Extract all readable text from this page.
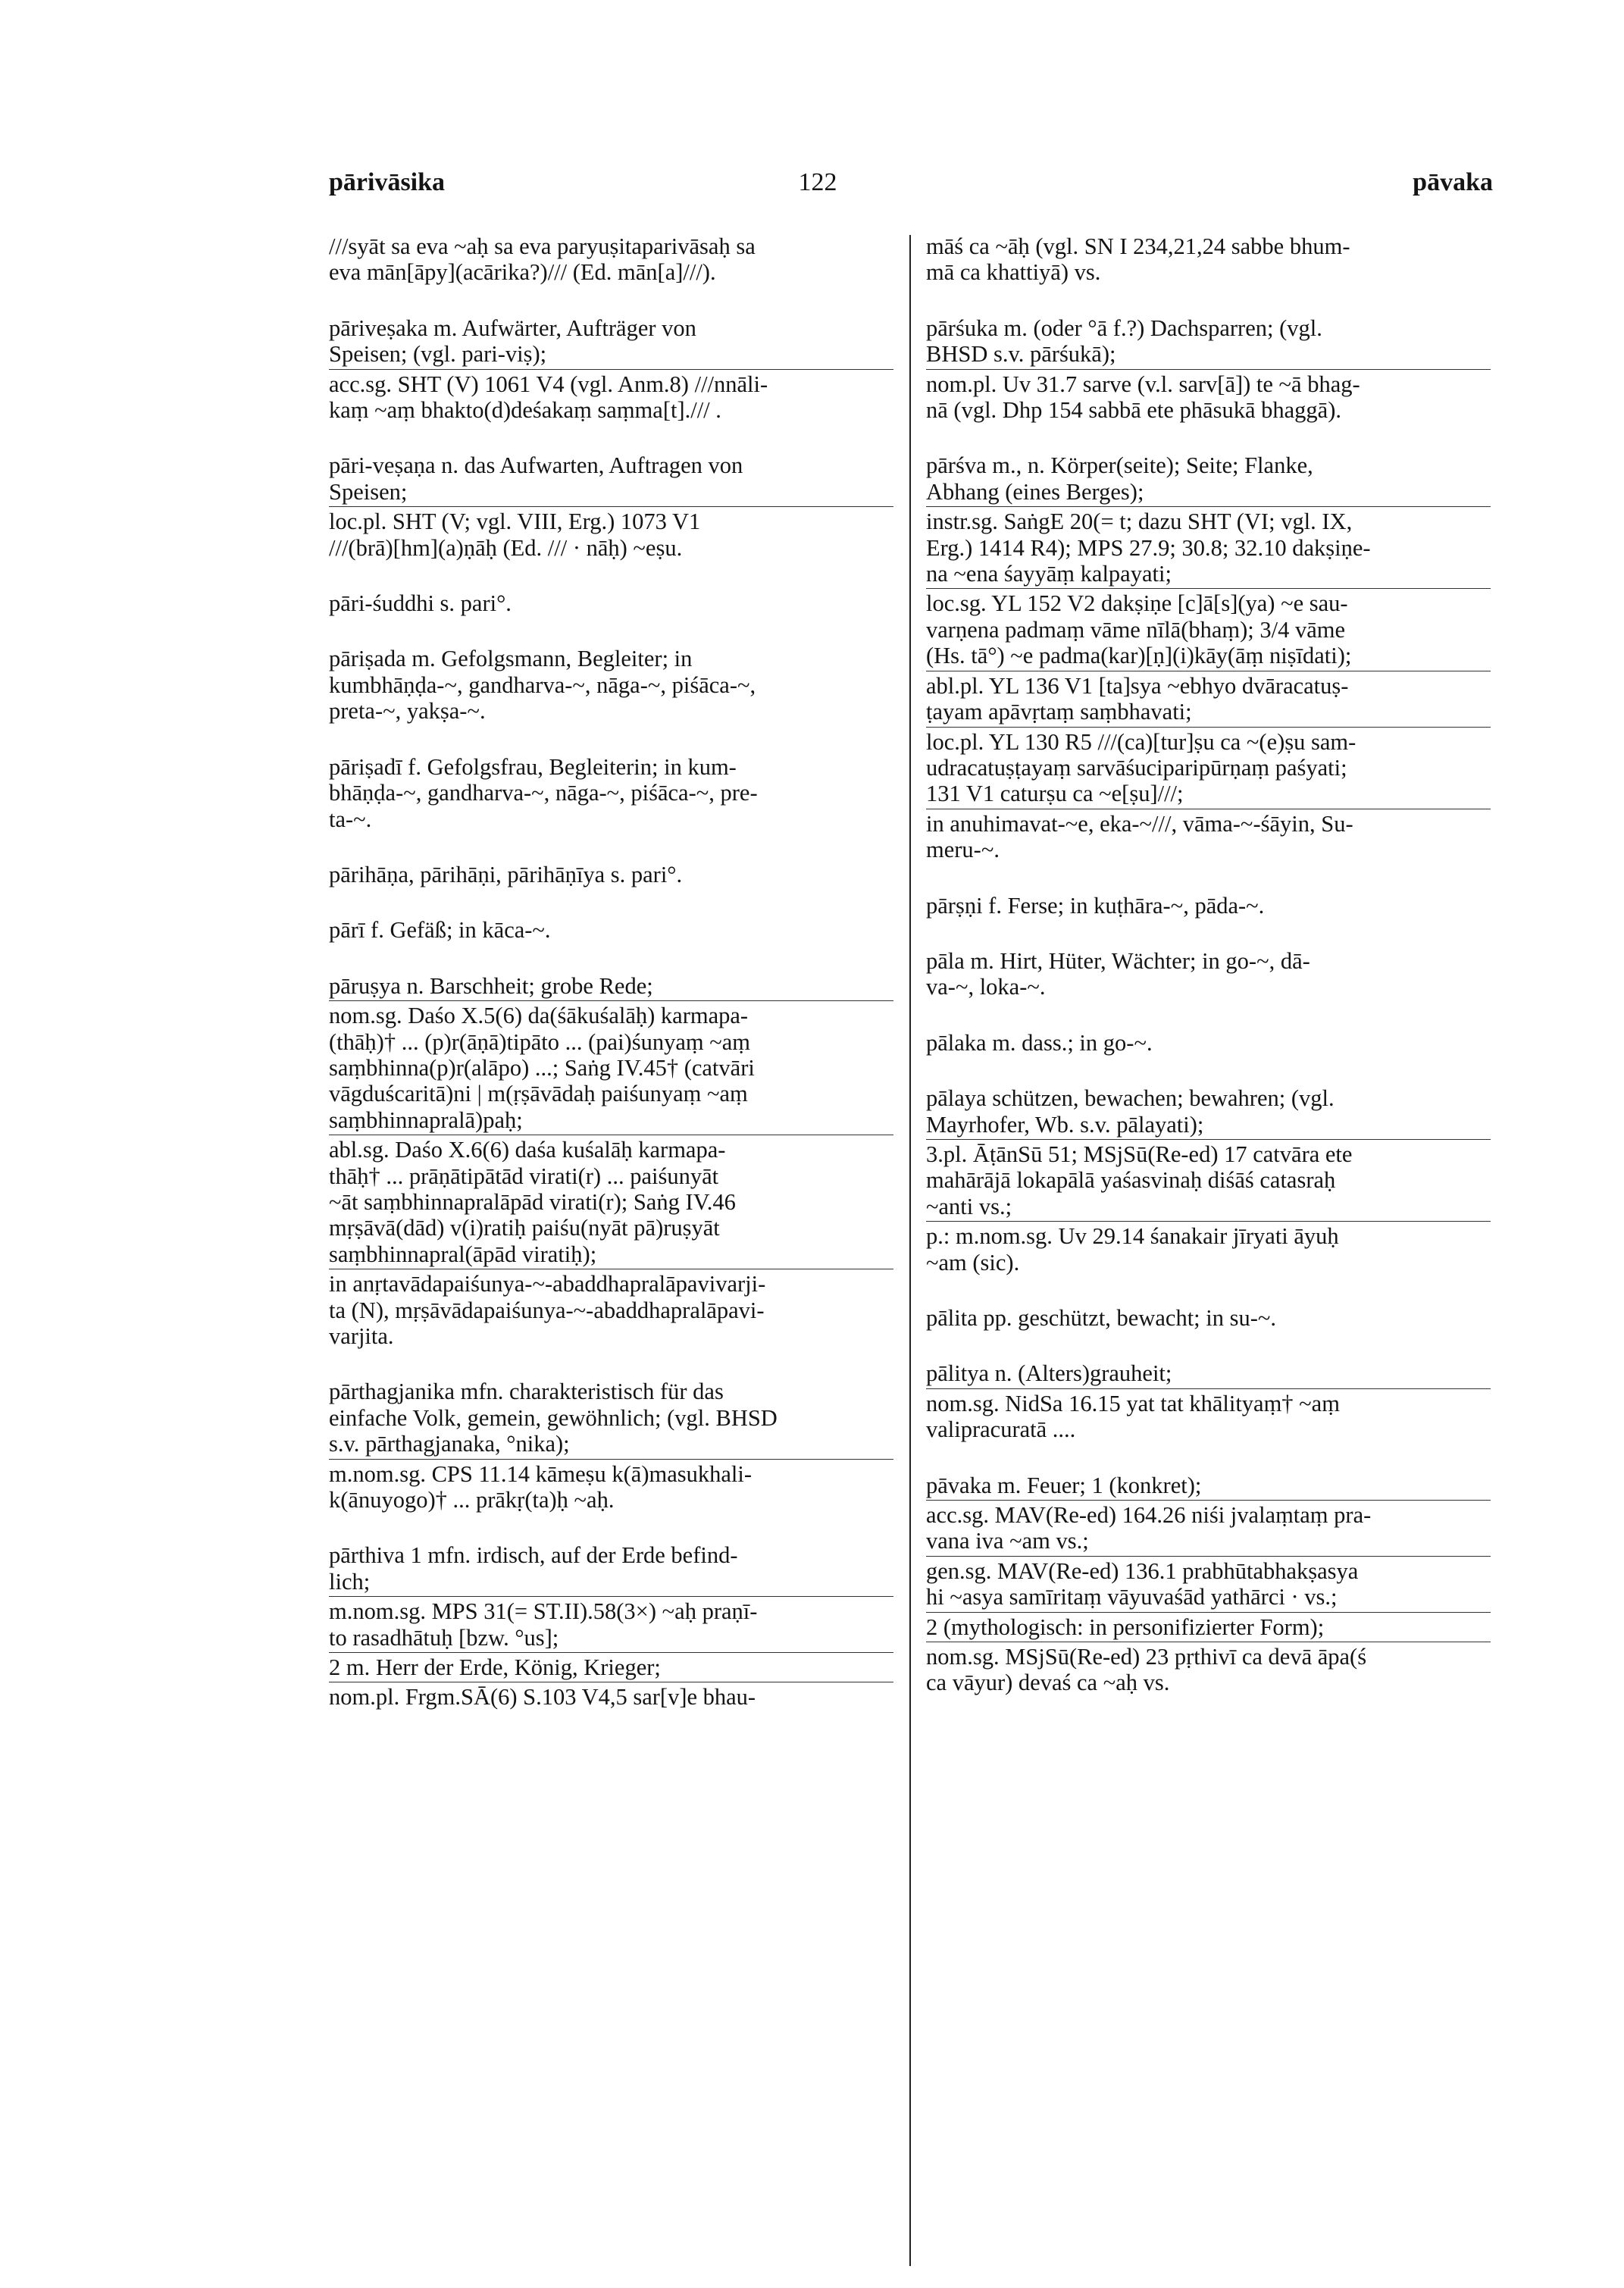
pārivāsika	122	pāvaka
///syāt sa eva ~aḥ sa eva paryuṣitaparivāsaḥ sa
eva mān[āpy](acārika?)/// (Ed. mān[a]///).
pāriveṣaka m. Aufwärter, Aufträger von
Speisen; (vgl. pari-viṣ);
acc.sg. SHT (V) 1061 V4 (vgl. Anm.8) ///nnāli-
kaṃ ~aṃ bhakto(d)deśakaṃ saṃma[t]./// .
pāri-veṣaṇa n. das Aufwarten, Auftragen von
Speisen;
loc.pl. SHT (V; vgl. VIII, Erg.) 1073 V1
///(brā)[hm](a)ṇāḥ (Ed. /// · nāḥ) ~eṣu.
pāri-śuddhi s. pari°.
pāriṣada m. Gefolgsmann, Begleiter; in
kumbhāṇḍa-~, gandharva-~, nāga-~, piśāca-~,
preta-~, yakṣa-~.
pāriṣadī f. Gefolgsfrau, Begleiterin; in kum-
bhāṇḍa-~, gandharva-~, nāga-~, piśāca-~, pre-
ta-~.
pārihāṇa, pārihāṇi, pārihāṇīya s. pari°.
pārī f. Gefäß; in kāca-~.
pāruṣya n. Barschheit; grobe Rede;
nom.sg. Daśo X.5(6) da(śākuśalāḥ) karmapa-
(thāḥ)† ... (p)r(āṇā)tipāto ... (pai)śunyaṃ ~aṃ
saṃbhinna(p)r(alāpo) ...; Saṅg IV.45† (catvāri
vāgduścaritā)ni | m(ṛṣāvādaḥ paiśunyaṃ ~aṃ
saṃbhinnapralā)paḥ;
abl.sg. Daśo X.6(6) daśa kuśalāḥ karmapa-
thāḥ† ... prāṇātipātād virati(r) ... paiśunyāt
~āt saṃbhinnapralāpād virati(r); Saṅg IV.46
mṛṣāvā(dād) v(i)ratiḥ paiśu(nyāt pā)ruṣyāt
saṃbhinnapral(āpād viratiḥ);
in anṛtavādapaiśunya-~-abaddhapralāpavivarji-
ta (N), mṛṣāvādapaiśunya-~-abaddhapralāpavi-
varjita.
pārthagjanika mfn. charakteristisch für das
einfache Volk, gemein, gewöhnlich; (vgl. BHSD
s.v. pārthagjanaka, °nika);
m.nom.sg. CPS 11.14 kāmeṣu k(ā)masukhali-
k(ānuyogo)† ... prākṛ(ta)ḥ ~aḥ.
pārthiva 1 mfn. irdisch, auf der Erde befind-
lich;
m.nom.sg. MPS 31(= ST.II).58(3×) ~aḥ praṇī-
to rasadhātuḥ [bzw. °us];
2 m. Herr der Erde, König, Krieger;
nom.pl. Frgm.SĀ(6) S.103 V4,5 sar[v]e bhau-
māś ca ~āḥ (vgl. SN I 234,21,24 sabbe bhum-
mā ca khattiyā) vs.
pārśuka m. (oder °ā f.?) Dachsparren; (vgl.
BHSD s.v. pārśukā);
nom.pl. Uv 31.7 sarve (v.l. sarv[ā]) te ~ā bhag-
nā (vgl. Dhp 154 sabbā ete phāsukā bhaggā).
pārśva m., n. Körper(seite); Seite; Flanke,
Abhang (eines Berges);
instr.sg. SaṅgE 20(= t; dazu SHT (VI; vgl. IX,
Erg.) 1414 R4); MPS 27.9; 30.8; 32.10 dakṣiṇe-
na ~ena śayyāṃ kalpayati;
loc.sg. YL 152 V2 dakṣiṇe [c]ā[s](ya) ~e sau-
varṇena padmaṃ vāme nīlā(bhaṃ); 3/4 vāme
(Hs. tā°) ~e padma(kar)[ṇ](i)kāy(āṃ niṣīdati);
abl.pl. YL 136 V1 [ta]sya ~ebhyo dvāracatuṣ-
ṭayam apāvṛtaṃ saṃbhavati;
loc.pl. YL 130 R5 ///(ca)[tur]ṣu ca ~(e)ṣu sam-
udracatuṣṭayaṃ sarvāśuciparipūrṇaṃ paśyati;
131 V1 caturṣu ca ~e[ṣu]///;
in anuhimavat-~e, eka-~///, vāma-~-śāyin, Su-
meru-~.
pārṣṇi f. Ferse; in kuṭhāra-~, pāda-~.
pāla m. Hirt, Hüter, Wächter; in go-~, dā-
va-~, loka-~.
pālaka m. dass.; in go-~.
pālaya schützen, bewachen; bewahren; (vgl.
Mayrhofer, Wb. s.v. pālayati);
3.pl. ĀṭānSū 51; MSjSū(Re-ed) 17 catvāra ete
mahārājā lokapālā yaśasvinaḥ diśāś catasraḥ
~anti vs.;
p.: m.nom.sg. Uv 29.14 śanakair jīryati āyuḥ
~am (sic).
pālita pp. geschützt, bewacht; in su-~.
pālitya n. (Alters)grauheit;
nom.sg. NidSa 16.15 yat tat khālityaṃ† ~aṃ
valipracuratā ....
pāvaka m. Feuer; 1 (konkret);
acc.sg. MAV(Re-ed) 164.26 niśi jvalaṃtaṃ pra-
vana iva ~am vs.;
gen.sg. MAV(Re-ed) 136.1 prabhūtabhakṣasya
hi ~asya samīritaṃ vāyuvaśād yathārci · vs.;
2 (mythologisch: in personifizierter Form);
nom.sg. MSjSū(Re-ed) 23 pṛthivī ca devā āpa(ś
ca vāyur) devaś ca ~aḥ vs.
